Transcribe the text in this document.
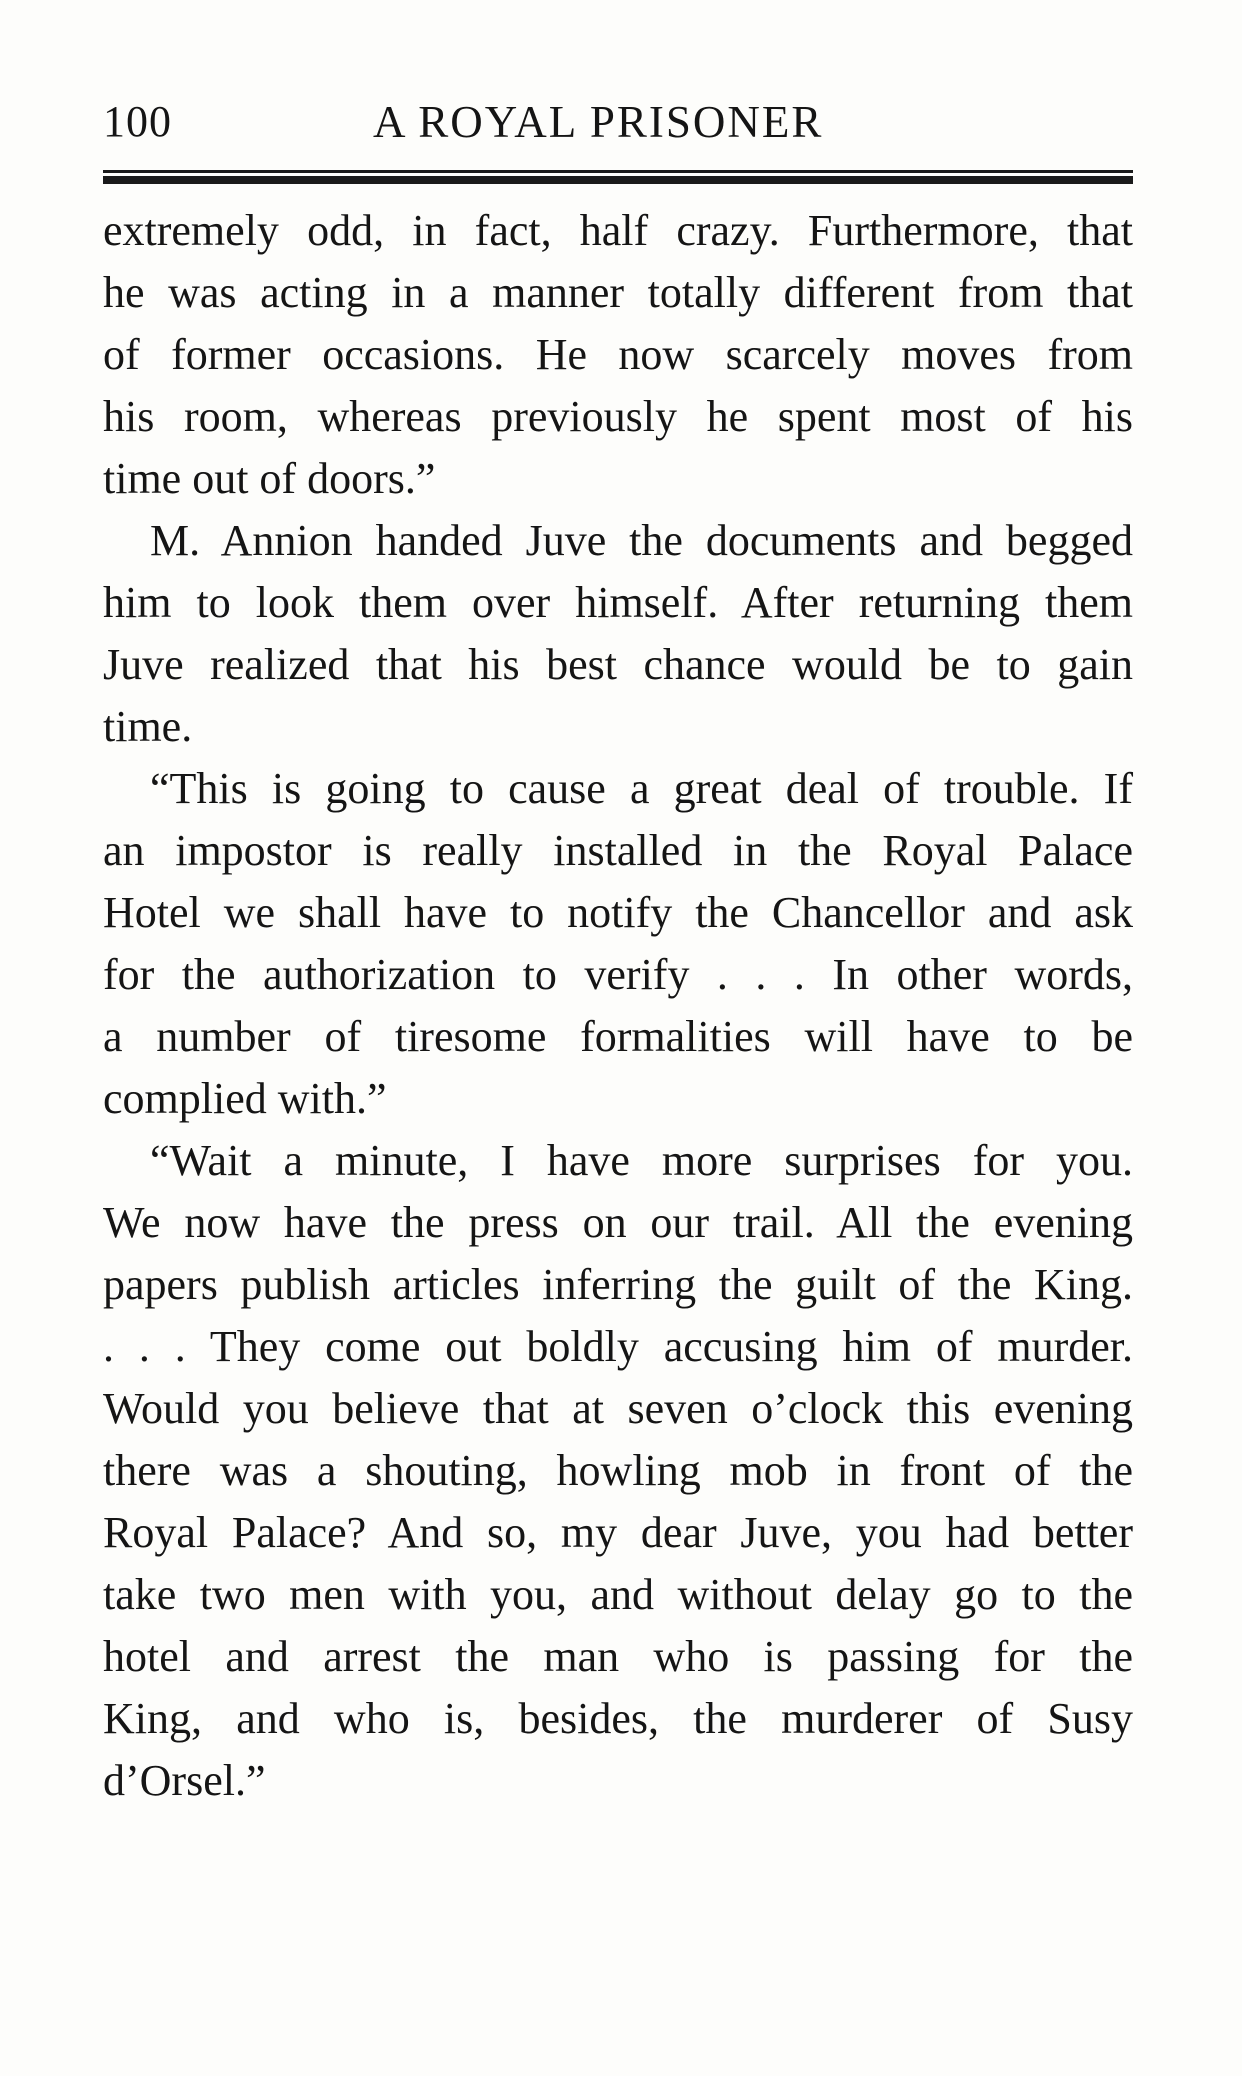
100	A ROYAL PRISONER
extremely odd, in fact, half crazy. Furthermore, that
he was acting in a manner totally different from that
of former occasions. He now scarcely moves from
his room, whereas previously he spent most of his
time out of doors.”
M. Annion handed Juve the documents and begged
him to look them over himself. After returning them
Juve realized that his best chance would be to gain
time.
“This is going to cause a great deal of trouble. If
an impostor is really installed in the Royal Palace
Hotel we shall have to notify the Chancellor and ask
for the authorization to verify . . . In other words,
a number of tiresome formalities will have to be
complied with.”
“Wait a minute, I have more surprises for you.
We now have the press on our trail. All the evening
papers publish articles inferring the guilt of the King.
. . . They come out boldly accusing him of murder.
Would you believe that at seven o’clock this evening
there was a shouting, howling mob in front of the
Royal Palace? And so, my dear Juve, you had better
take two men with you, and without delay go to the
hotel and arrest the man who is passing for the
King, and who is, besides, the murderer of Susy
d’Orsel.”
